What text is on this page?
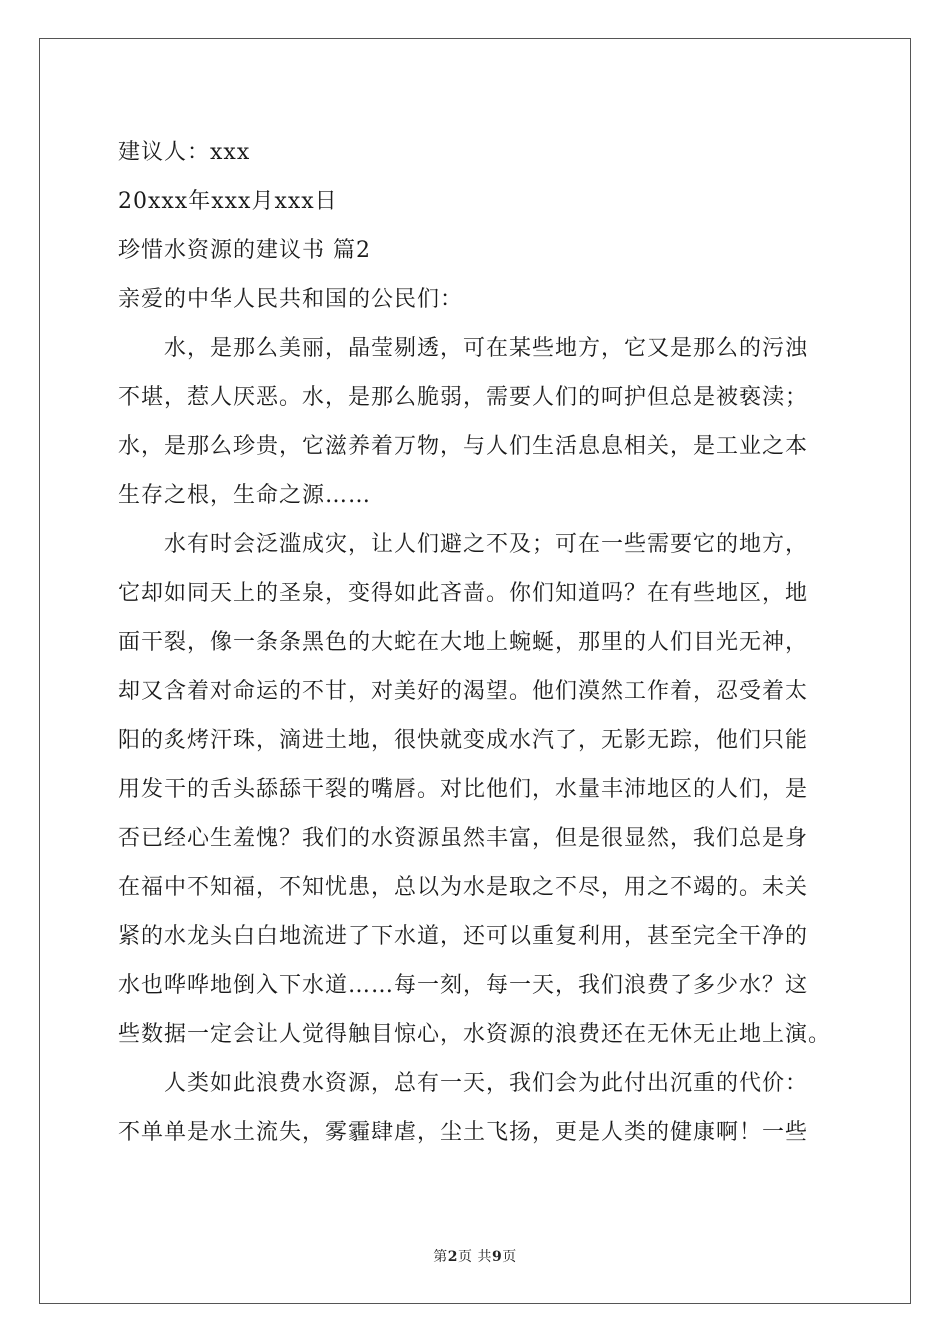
建议人：xxx
20xxx年xxx月xxx日
珍惜水资源的建议书 篇2
亲爱的中华人民共和国的公民们：
水，是那么美丽，晶莹剔透，可在某些地方，它又是那么的污浊
不堪，惹人厌恶。水，是那么脆弱，需要人们的呵护但总是被亵渎；
水，是那么珍贵，它滋养着万物，与人们生活息息相关，是工业之本
生存之根，生命之源……
水有时会泛滥成灾，让人们避之不及；可在一些需要它的地方，
它却如同天上的圣泉，变得如此吝啬。你们知道吗？在有些地区，地
面干裂，像一条条黑色的大蛇在大地上蜿蜒，那里的人们目光无神，
却又含着对命运的不甘，对美好的渴望。他们漠然工作着，忍受着太
阳的炙烤汗珠，滴进土地，很快就变成水汽了，无影无踪，他们只能
用发干的舌头舔舔干裂的嘴唇。对比他们，水量丰沛地区的人们，是
否已经心生羞愧？我们的水资源虽然丰富，但是很显然，我们总是身
在福中不知福，不知忧患，总以为水是取之不尽，用之不竭的。未关
紧的水龙头白白地流进了下水道，还可以重复利用，甚至完全干净的
水也哗哗地倒入下水道……每一刻，每一天，我们浪费了多少水？这
些数据一定会让人觉得触目惊心，水资源的浪费还在无休无止地上演。
人类如此浪费水资源，总有一天，我们会为此付出沉重的代价：
不单单是水土流失，雾霾肆虐，尘土飞扬，更是人类的健康啊！一些
第2页 共9页
